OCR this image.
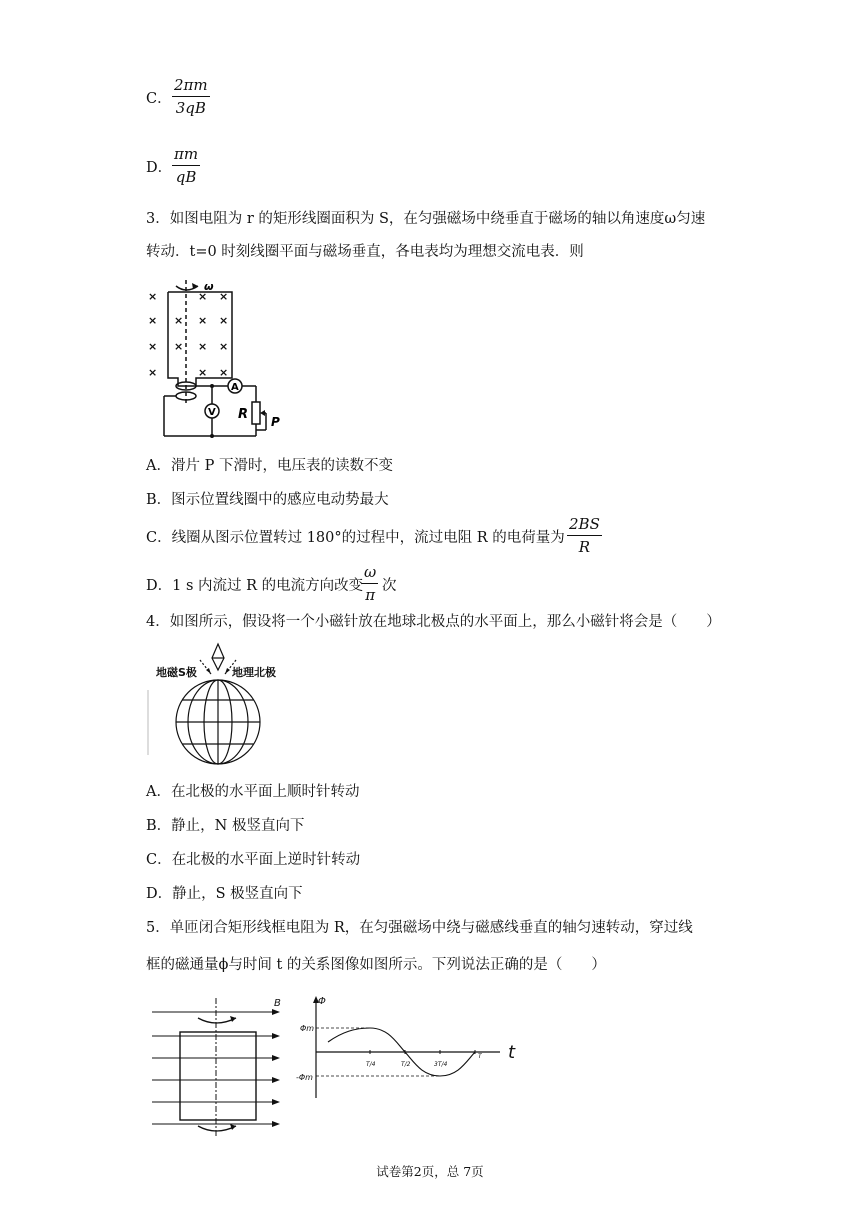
C． $\frac{2\pi m}{3qB}$
D． $\frac{\pi m}{qB}$
3．如图电阻为 r 的矩形线圈面积为 S，在匀强磁场中绕垂直于磁场的轴以角速度ω匀速
转动．t=0 时刻线圈平面与磁场垂直，各电表均为理想交流电表．则
×	× ×
× × × ×
× × × ×
×	× ×
ω
A
V R P
A．滑片 P 下滑时，电压表的读数不变
B．图示位置线圈中的感应电动势最大
C．线圈从图示位置转过 180°的过程中，流过电阻 R 的电荷量为 $\frac{2BS}{R}$
D．1 s 内流过 R 的电流方向改变
$\frac{\omega}{\pi}$ 次
4．如图所示，假设将一个小磁针放在地球北极点的水平面上，那么小磁针将会是（　　）
地磁S极	地理北极
A．在北极的水平面上顺时针转动
B．静止，N 极竖直向下
C．在北极的水平面上逆时针转动
D．静止，S 极竖直向下
5．单匝闭合矩形线框电阻为 R，在匀强磁场中绕与磁感线垂直的轴匀速转动，穿过线
框的磁通量ϕ与时间 t 的关系图像如图所示。下列说法正确的是（　　）
B	Φ
t
Φm
-Φm
T/4	T/2	3T/4
T
试卷第2页，总 7页
